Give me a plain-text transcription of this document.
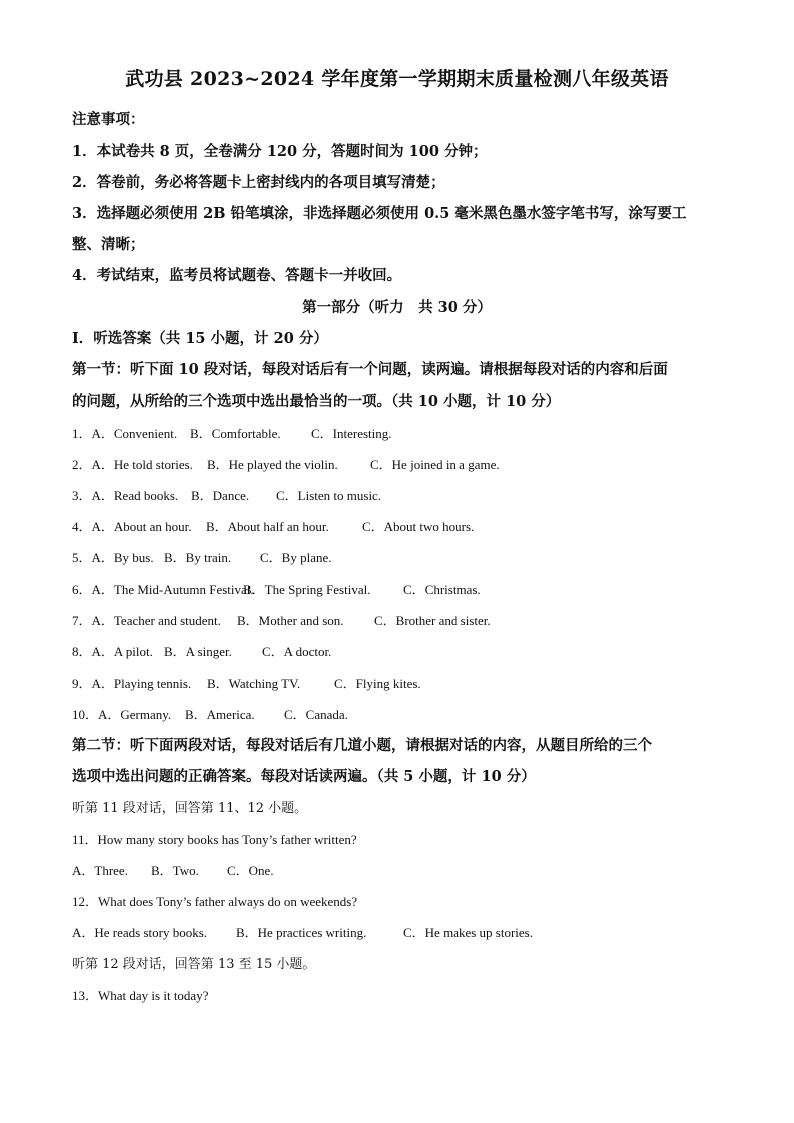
武功县 2023~2024 学年度第一学期期末质量检测八年级英语
注意事项：
1．本试卷共 8 页，全卷满分 120 分，答题时间为 100 分钟；
2．答卷前，务必将答题卡上密封线内的各项目填写清楚；
3．选择题必须使用 2B 铅笔填涂，非选择题必须使用 0.5 毫米黑色墨水签字笔书写，涂写要工
整、清晰；
4．考试结束，监考员将试题卷、答题卡一并收回。
第一部分（听力　共 30 分）
Ⅰ．听选答案（共 15 小题，计 20 分）
第一节：听下面 10 段对话，每段对话后有一个问题，读两遍。请根据每段对话的内容和后面
的问题，从所给的三个选项中选出最恰当的一项。（共 10 小题，计 10 分）
1．A．Convenient. B．Comfortable. C．Interesting.
2．A．He told stories. B．He played the violin. C．He joined in a game.
3．A．Read books. B．Dance. C．Listen to music.
4．A．About an hour. B．About half an hour.	C．About two hours.
5．A．By bus. B．By train. C．By plane.
6．A．The Mid-Autumn Festival.B．The Spring Festival.	C．Christmas.
7．A．Teacher and student. B．Mother and son. C．Brother and sister.
8．A．A pilot. B．A singer. C．A doctor.
9．A．Playing tennis. B．Watching TV.	C．Flying kites.
10．A．Germany. B．America. C．Canada.
第二节：听下面两段对话，每段对话后有几道小题，请根据对话的内容，从题目所给的三个
选项中选出问题的正确答案。每段对话读两遍。（共 5 小题，计 10 分）
听第 11 段对话，回答第 11、12 小题。
11．How many story books has Tony’s father written?
A．Three. B．Two. C．One.
12．What does Tony’s father always do on weekends?
A．He reads story books. B．He practices writing.	C．He makes up stories.
听第 12 段对话，回答第 13 至 15 小题。
13．What day is it today?
